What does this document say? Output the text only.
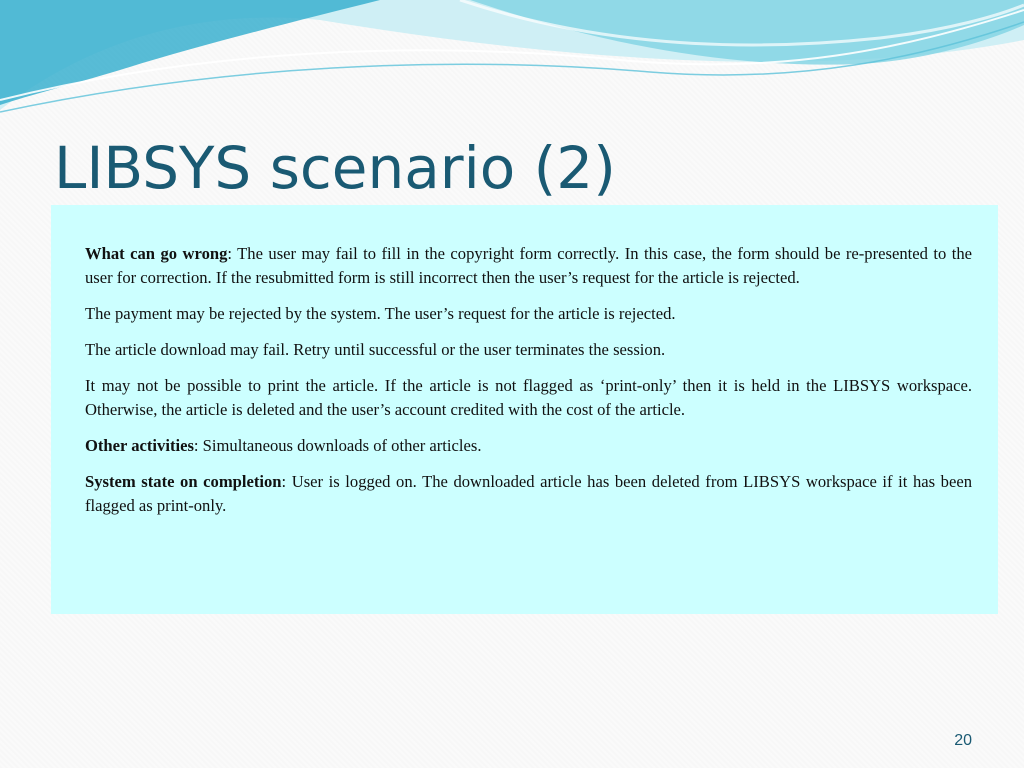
LIBSYS scenario (2)

What can go wrong: The user may fail to fill in the copyright form correctly. In this case, the form should be re-presented to the user for correction. If the resubmitted form is still incorrect then the user’s request for the article is rejected.

The payment may be rejected by the system. The user’s request for the article is rejected.

The article download may fail. Retry until successful or the user terminates the session.

It may not be possible to print the article. If the article is not flagged as ‘print-only’ then it is held in the LIBSYS workspace. Otherwise, the article is deleted and the user’s account credited with the cost of the article.

Other activities: Simultaneous downloads of other articles.

System state on completion: User is logged on. The downloaded article has been deleted from LIBSYS workspace if it has been flagged as print-only.

20
